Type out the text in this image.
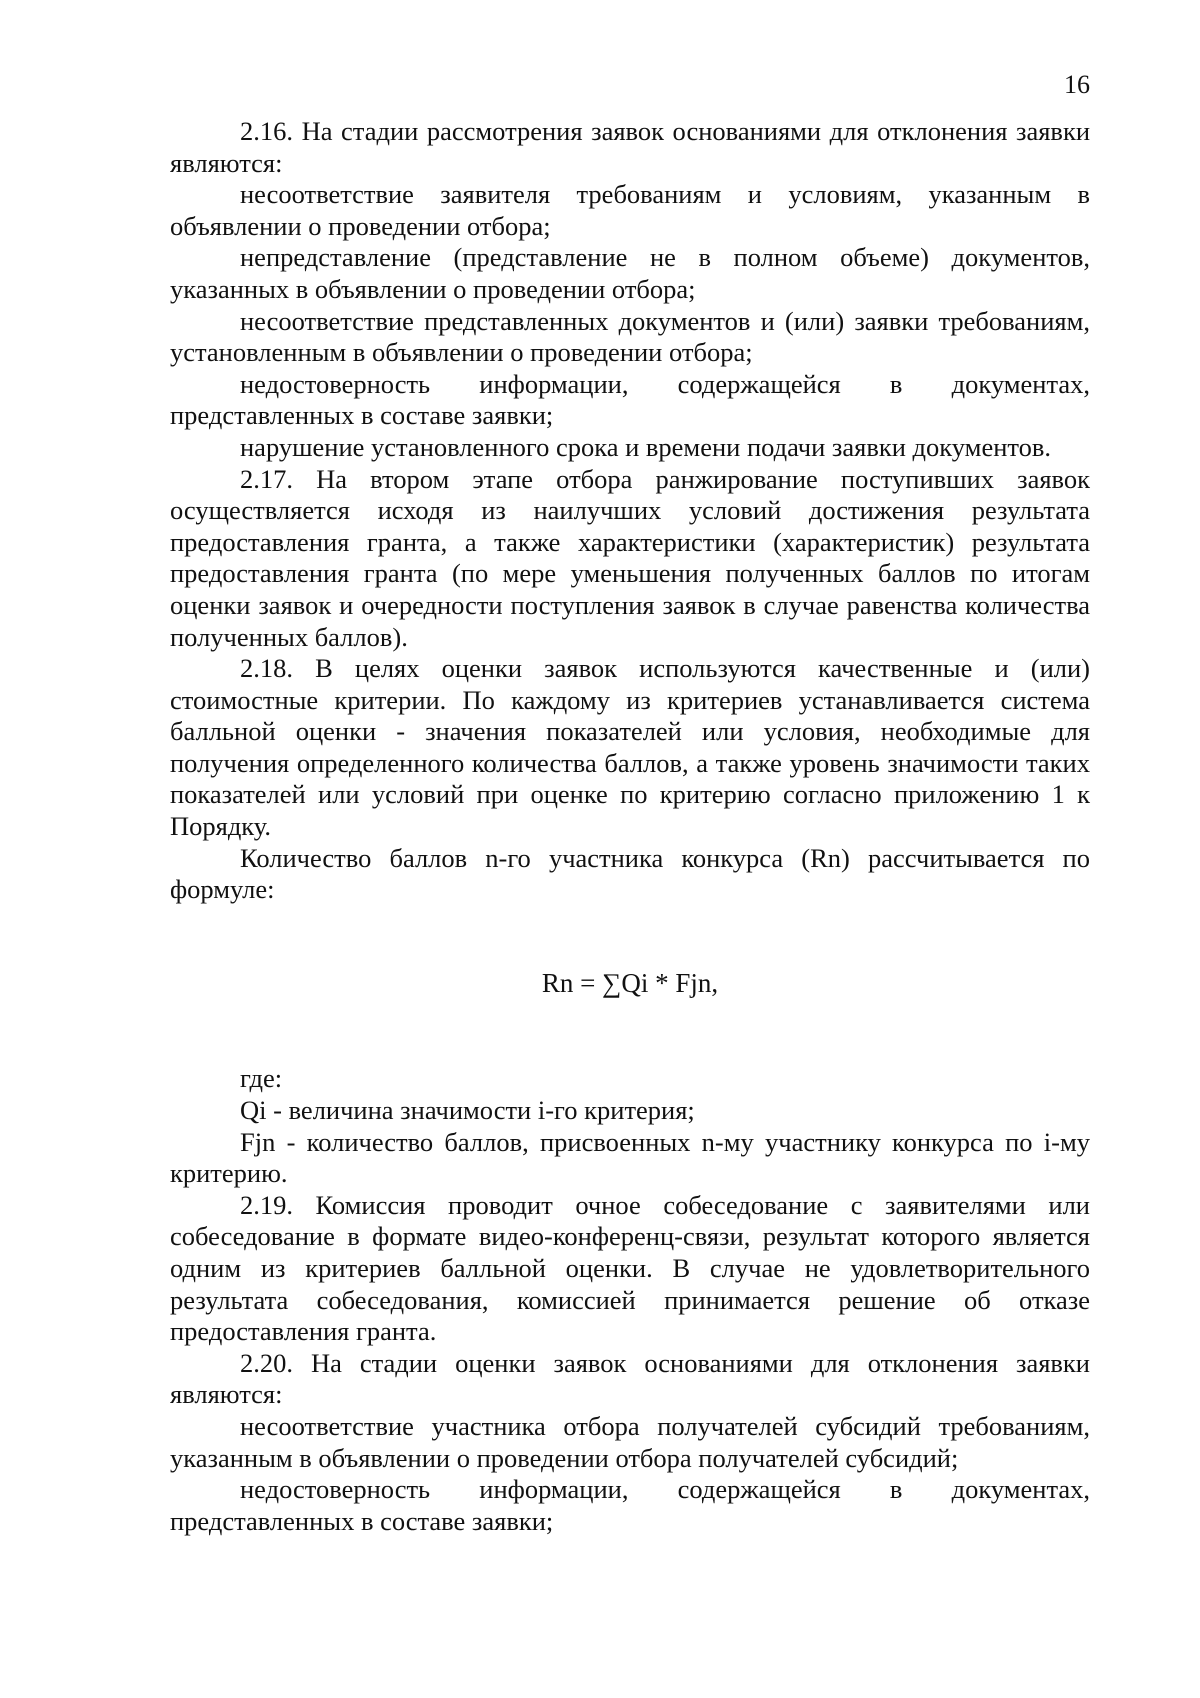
16

2.16. На стадии рассмотрения заявок основаниями для отклонения заявки являются:

несоответствие заявителя требованиям и условиям, указанным в объявлении о проведении отбора;

непредставление (представление не в полном объеме) документов, указанных в объявлении о проведении отбора;

несоответствие представленных документов и (или) заявки требованиям, установленным в объявлении о проведении отбора;

недостоверность информации, содержащейся в документах, представленных в составе заявки;

нарушение установленного срока и времени подачи заявки документов.

2.17. На втором этапе отбора ранжирование поступивших заявок осуществляется исходя из наилучших условий достижения результата предоставления гранта, а также характеристики (характеристик) результата предоставления гранта (по мере уменьшения полученных баллов по итогам оценки заявок и очередности поступления заявок в случае равенства количества полученных баллов).

2.18. В целях оценки заявок используются качественные и (или) стоимостные критерии. По каждому из критериев устанавливается система балльной оценки - значения показателей или условия, необходимые для получения определенного количества баллов, а также уровень значимости таких показателей или условий при оценке по критерию согласно приложению 1 к Порядку.

Количество баллов n-го участника конкурса (Rn) рассчитывается по формуле:

Rn = ∑Qi * Fjn,

где:

Qi - величина значимости i-го критерия;

Fjn - количество баллов, присвоенных n-му участнику конкурса по i-му критерию.

2.19. Комиссия проводит очное собеседование с заявителями или собеседование в формате видео-конференц-связи, результат которого является одним из критериев балльной оценки. В случае не удовлетворительного результата собеседования, комиссией принимается решение об отказе предоставления гранта.

2.20. На стадии оценки заявок основаниями для отклонения заявки являются:

несоответствие участника отбора получателей субсидий требованиям, указанным в объявлении о проведении отбора получателей субсидий;

недостоверность информации, содержащейся в документах, представленных в составе заявки;
